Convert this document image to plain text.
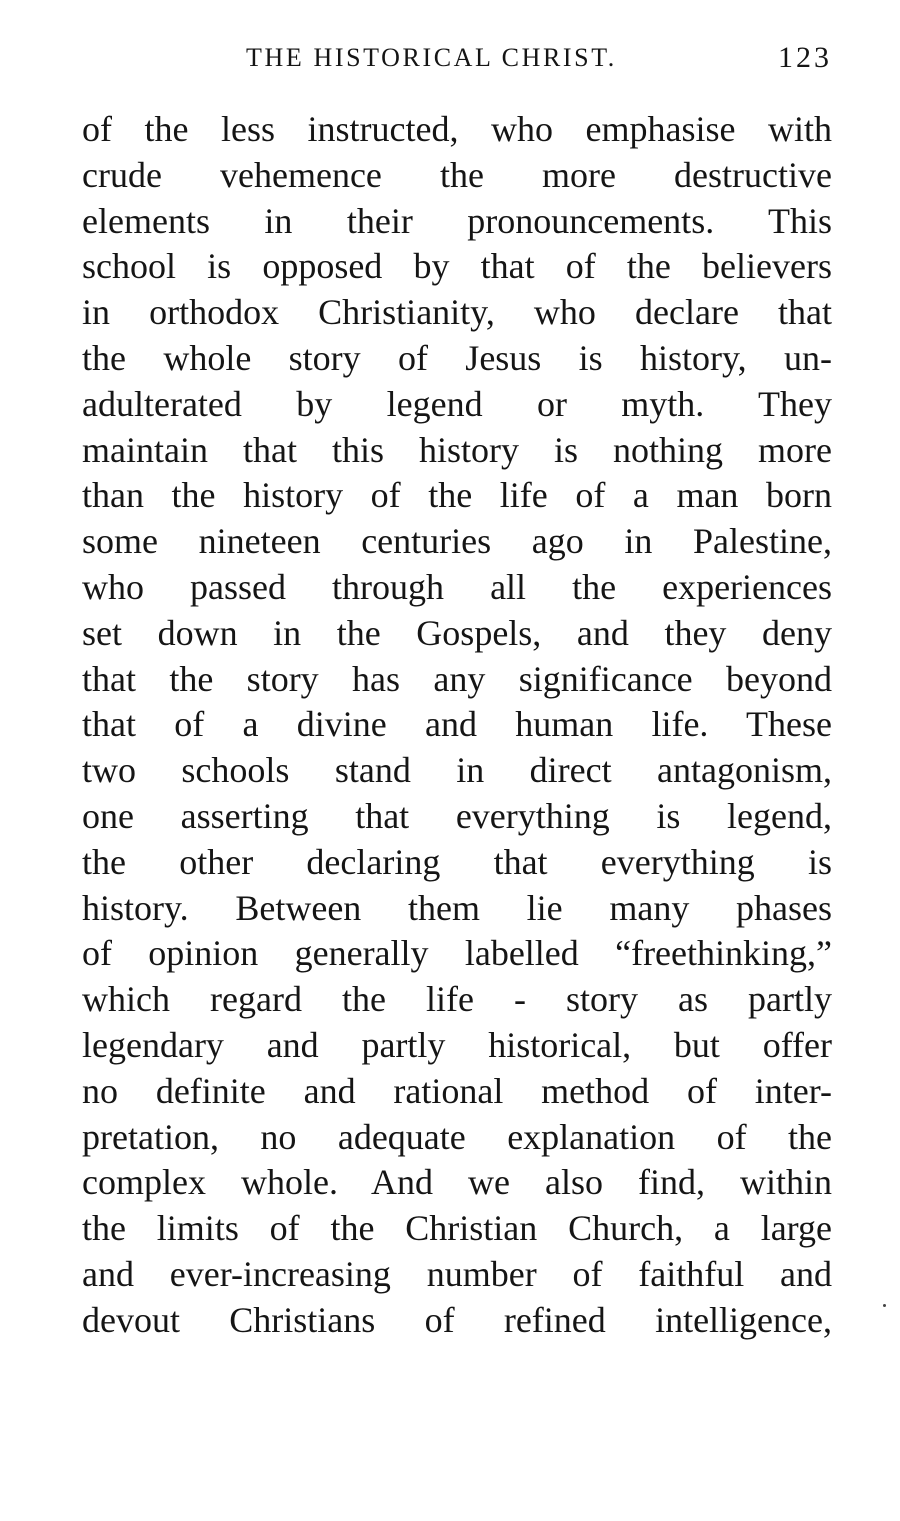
THE HISTORICAL CHRIST.	123
of the less instructed, who emphasise with
crude vehemence the more destructive
elements in their pronouncements. This
school is opposed by that of the believers
in orthodox Christianity, who declare that
the whole story of Jesus is history, un-
adulterated by legend or myth. They
maintain that this history is nothing more
than the history of the life of a man born
some nineteen centuries ago in Palestine,
who passed through all the experiences
set down in the Gospels, and they deny
that the story has any significance beyond
that of a divine and human life. These
two schools stand in direct antagonism,
one asserting that everything is legend,
the other declaring that everything is
history. Between them lie many phases
of opinion generally labelled “freethinking,”
which regard the life - story as partly
legendary and partly historical, but offer
no definite and rational method of inter-
pretation, no adequate explanation of the
complex whole. And we also find, within
the limits of the Christian Church, a large
and ever-increasing number of faithful and
devout Christians of refined intelligence,
